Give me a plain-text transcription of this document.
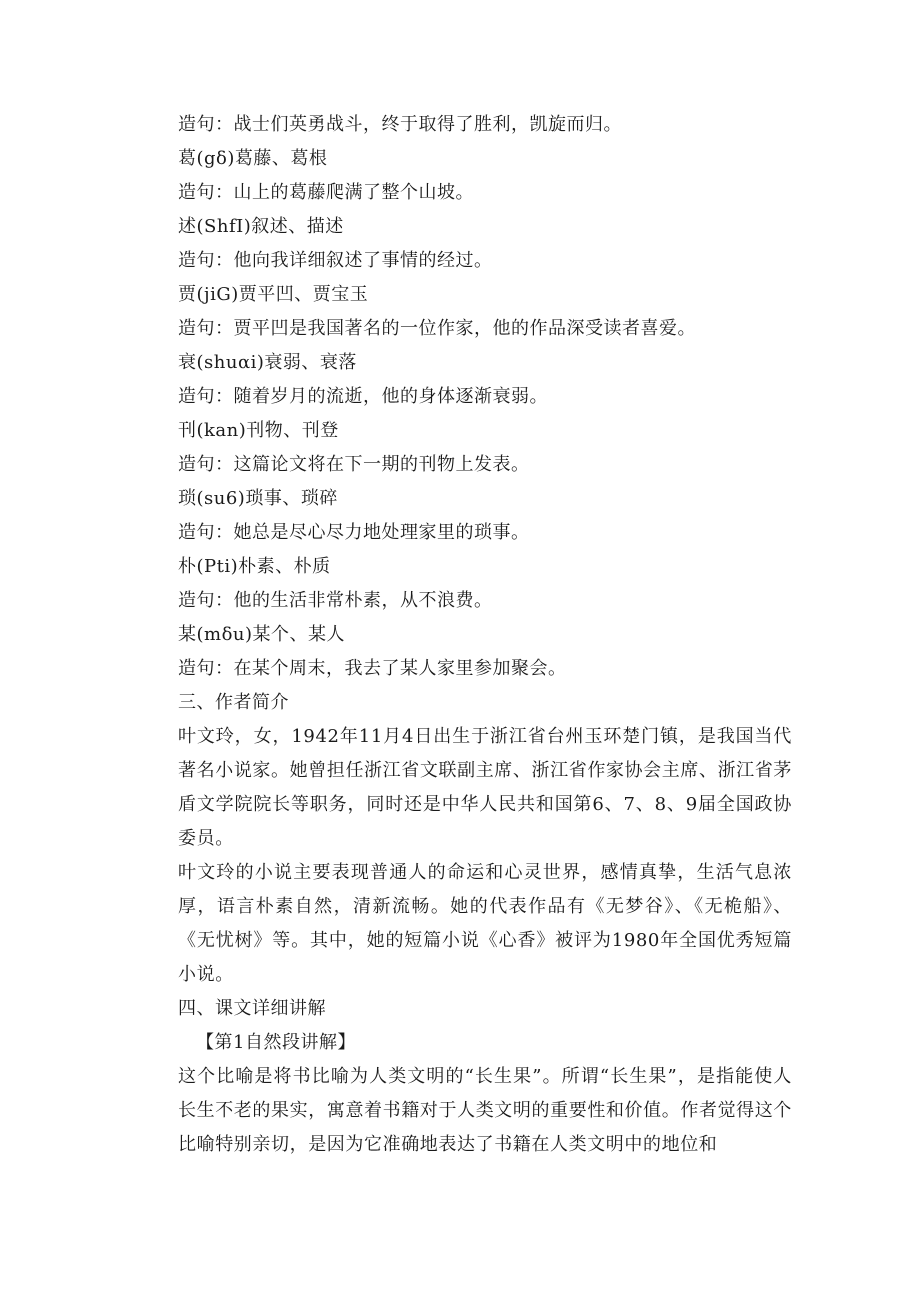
造句：战士们英勇战斗，终于取得了胜利，凯旋而归。
葛(gδ)葛藤、葛根
造句：山上的葛藤爬满了整个山坡。
述(ShfI)叙述、描述
造句：他向我详细叙述了事情的经过。
贾(jiG)贾平凹、贾宝玉
造句：贾平凹是我国著名的一位作家，他的作品深受读者喜爱。
衰(shuαi)衰弱、衰落
造句：随着岁月的流逝，他的身体逐渐衰弱。
刊(kan)刊物、刊登
造句：这篇论文将在下一期的刊物上发表。
琐(su6)琐事、琐碎
造句：她总是尽心尽力地处理家里的琐事。
朴(Pti)朴素、朴质
造句：他的生活非常朴素，从不浪费。
某(mδu)某个、某人
造句：在某个周末，我去了某人家里参加聚会。
三、作者简介

叶文玲，女，1942年11月4日出生于浙江省台州玉环楚门镇，是我国当代著名小说家。她曾担任浙江省文联副主席、浙江省作家协会主席、浙江省茅盾文学院院长等职务，同时还是中华人民共和国第6、7、8、9届全国政协委员。

叶文玲的小说主要表现普通人的命运和心灵世界，感情真挚，生活气息浓厚，语言朴素自然，清新流畅。她的代表作品有《无梦谷》、《无桅船》、《无忧树》等。其中，她的短篇小说《心香》被评为1980年全国优秀短篇小说。

四、课文详细讲解
【第1自然段讲解】

这个比喻是将书比喻为人类文明的“长生果”。所谓“长生果”，是指能使人长生不老的果实，寓意着书籍对于人类文明的重要性和价值。作者觉得这个比喻特别亲切，是因为它准确地表达了书籍在人类文明中的地位和
